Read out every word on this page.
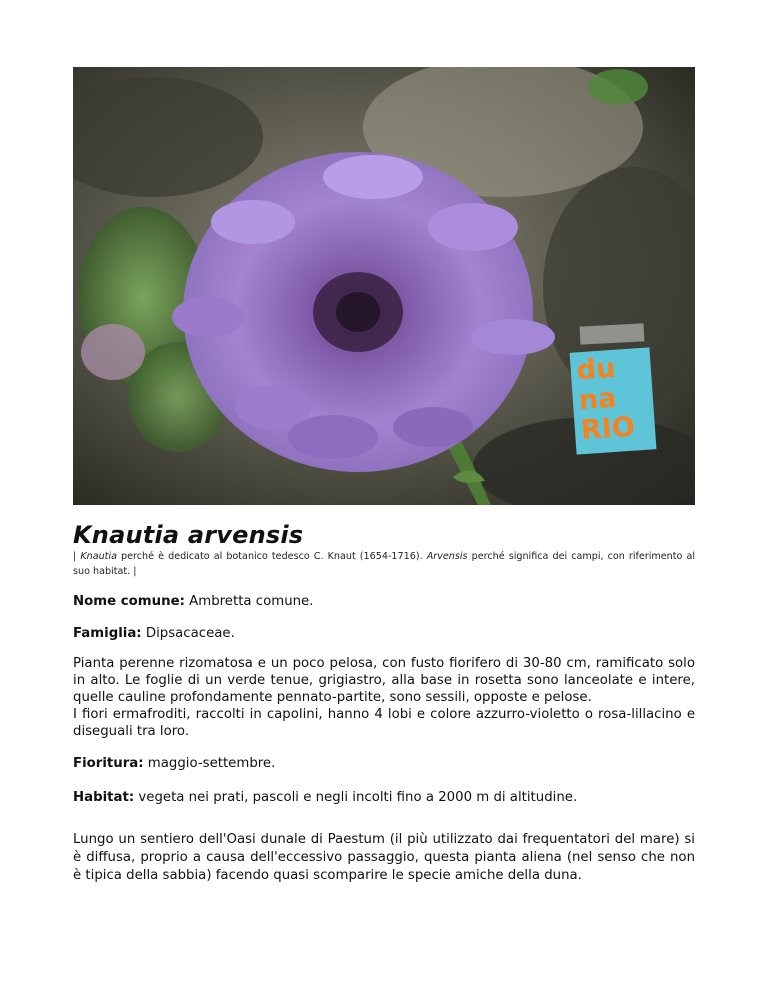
du
na
RIO
Knautia arvensis

| Knautia perché è dedicato al botanico tedesco C. Knaut (1654-1716). Arvensis perché significa dei campi, con riferimento al suo habitat. |

Nome comune: Ambretta comune.

Famiglia: Dipsacaceae.

Pianta perenne rizomatosa e un poco pelosa, con fusto fiorifero di 30-80 cm, ramificato solo in alto. Le foglie di un verde tenue, grigiastro, alla base in rosetta sono lanceolate e intere, quelle cauline profondamente pennato-partite, sono sessili, opposte e pelose.
I fiori ermafroditi, raccolti in capolini, hanno 4 lobi e colore azzurro-violetto o rosa-lillacino e diseguali tra loro.

Fioritura: maggio-settembre.

Habitat: vegeta nei prati, pascoli e negli incolti fino a 2000 m di altitudine.

Lungo un sentiero dell'Oasi dunale di Paestum (il più utilizzato dai frequentatori del mare) si è diffusa, proprio a causa dell'eccessivo passaggio, questa pianta aliena (nel senso che non è tipica della sabbia) facendo quasi scomparire le specie amiche della duna.
